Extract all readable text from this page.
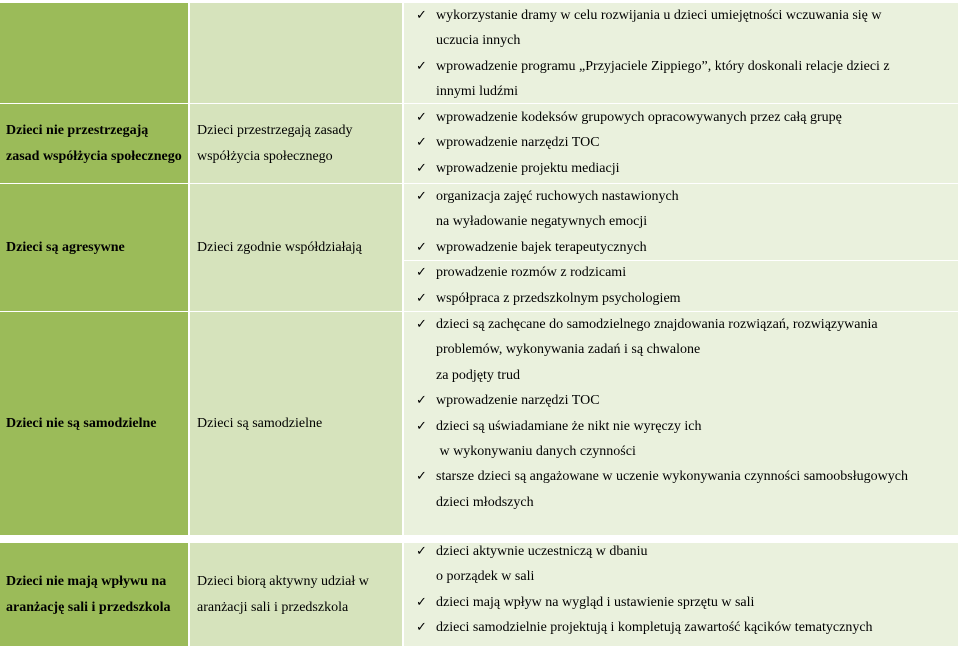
✓ wykorzystanie dramy w celu rozwijania u dzieci umiejętności wczuwania się w
uczucia innych
✓ wprowadzenie programu „Przyjaciele Zippiego”, który doskonali relacje dzieci z
innymi ludźmi
Dzieci nie przestrzegają zasad współżycia społecznego
Dzieci przestrzegają zasady współżycia społecznego
✓ wprowadzenie kodeksów grupowych opracowywanych przez całą grupę
✓ wprowadzenie narzędzi TOC
✓ wprowadzenie projektu mediacji
Dzieci są agresywne	Dzieci zgodnie współdziałają
✓ organizacja zajęć ruchowych nastawionych
na wyładowanie negatywnych emocji
✓ wprowadzenie bajek terapeutycznych
✓ prowadzenie rozmów z rodzicami
✓ współpraca z przedszkolnym psychologiem
Dzieci nie są samodzielne	Dzieci są samodzielne
✓ dzieci są zachęcane do samodzielnego znajdowania rozwiązań, rozwiązywania
problemów, wykonywania zadań i są chwalone
za podjęty trud
✓ wprowadzenie narzędzi TOC
✓ dzieci są uświadamiane że nikt nie wyręczy ich
w wykonywaniu danych czynności
✓ starsze dzieci są angażowane w uczenie wykonywania czynności samoobsługowych
dzieci młodszych
Dzieci nie mają wpływu na aranżację sali i przedszkola
Dzieci biorą aktywny udział w aranżacji sali i przedszkola
✓ dzieci aktywnie uczestniczą w dbaniu
o porządek w sali
✓ dzieci mają wpływ na wygląd i ustawienie sprzętu w sali
✓ dzieci samodzielnie projektują i kompletują zawartość kącików tematycznych
